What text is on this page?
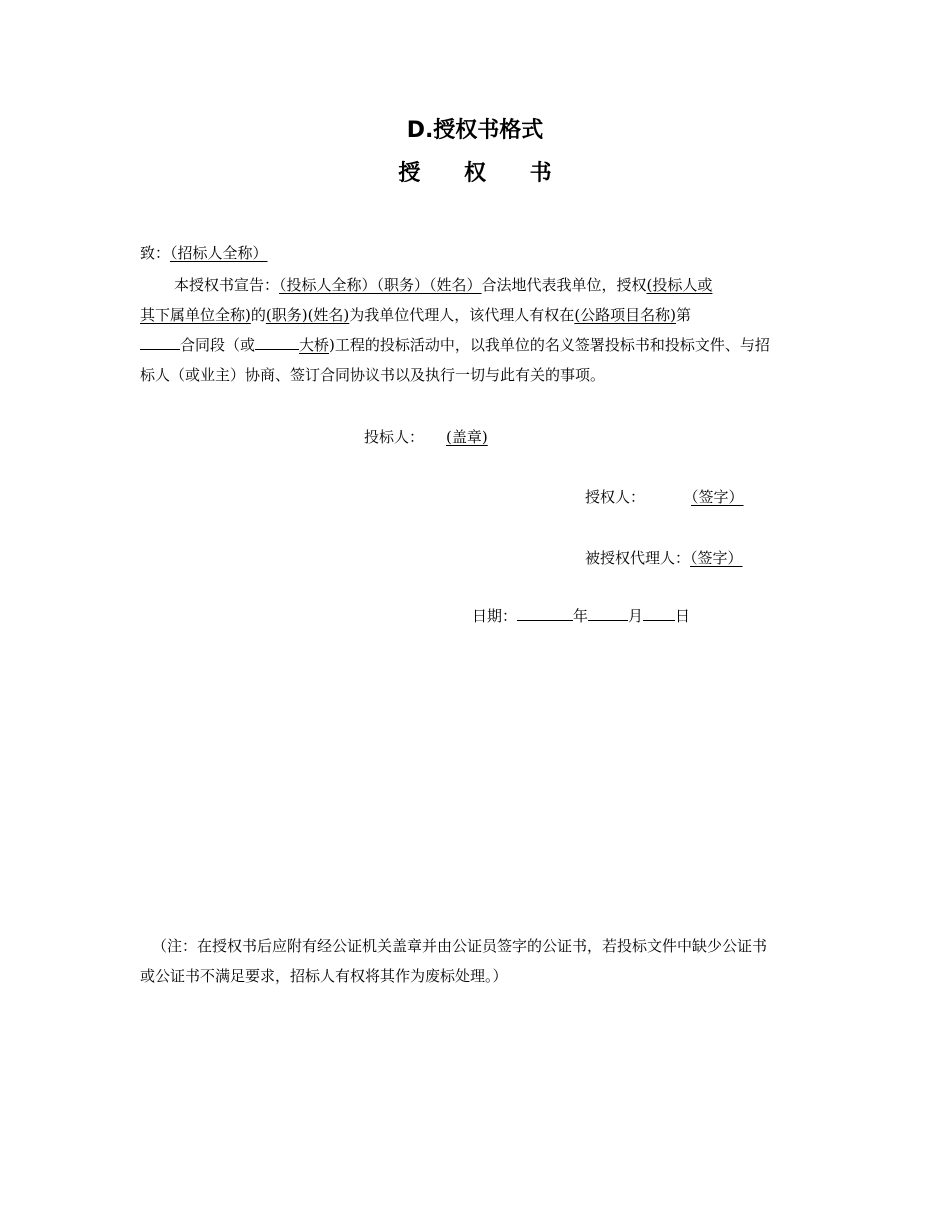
D.授权书格式
授 权 书
致：（招标人全称）
本授权书宣告：（投标人全称）（职务）（姓名）合法地代表我单位，授权(投标人或
其下属单位全称)的(职务)(姓名)为我单位代理人，该代理人有权在(公路项目名称)第
合同段（或	大桥)工程的投标活动中，以我单位的名义签署投标书和投标文件、与招
标人（或业主）协商、签订合同协议书以及执行一切与此有关的事项。
投标人： (盖章)
授权人：	（签字）
被授权代理人：（签字）
日期：	年	月 日
（注：在授权书后应附有经公证机关盖章并由公证员签字的公证书，若投标文件中缺少公证书
或公证书不满足要求，招标人有权将其作为废标处理。）
